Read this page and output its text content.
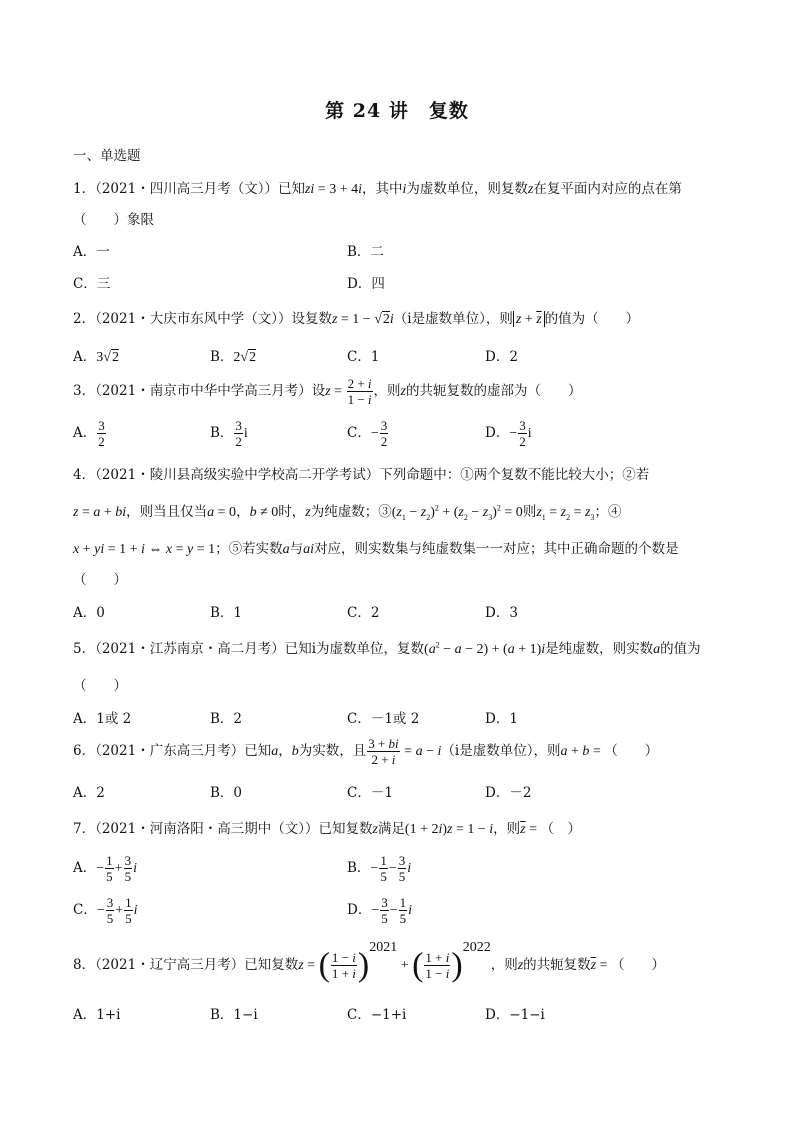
第 24 讲　复数
一、单选题
1．（2021・四川高三月考（文））已知zi = 3 + 4i，其中i为虚数单位，则复数z在复平面内对应的点在第
（　　）象限
A．一	B．二
C．三	D．四
2．（2021・大庆市东风中学（文））设复数z = 1 − √2i（i是虚数单位），则 $z + \overline{z}$ 的值为（　　）
A．3√2	B．2√2	C．1	D．2
3．（2021・南京市中华中学高三月考）设$z = \frac{2 + i}{1 - i}$ ，则z的共轭复数的虚部为（　　）
A． $\frac{3}{2}$	B． $\frac{3}{2}$ i	C．− $\frac{3}{2}$	D．− $\frac{3}{2}$ i
4．（2021・陵川县高级实验中学校高二开学考试）下列命题中：①两个复数不能比较大小；②若
z = a + bi，则当且仅当a = 0，b ≠ 0时，z为纯虚数；$③(z_1 - z_2)^2 + (z_2 - z_3)^2 = 0$则$z_1 = z_2 = z_3$；④
x + yi = 1 + i ⇔ x = y = 1；⑤若实数a与ai对应，则实数集与纯虚数集一一对应；其中正确命题的个数是
（　　）
A．0	B．1	C．2	D．3
5．（2021・江苏南京・高二月考）已知i为虚数单位，复数$(a^2 - a - 2) + (a + 1)i$是纯虚数，则实数a的值为
（　　）
A．1或 2	B．2	C．－1或 2	D．1
6．（2021・广东高三月考）已知a，b为实数，且 $\frac{3 + bi}{2 + i} = a - i(i$是虚数单位），则a + b = （　　）
A．2	B．0	C．－1	D．－2
7．（2021・河南洛阳・高三期中（文））已知复数z满足(1 + 2i)z = 1 − i，则$\overline{z}$ = （　）
A．− $\frac{1}{5} + \frac{3}{5}$ i	B．− $\frac{1}{5} - \frac{3}{5}$ i
C．− $\frac{3}{5} + \frac{1}{5}$ i	D．− $\frac{3}{5} - \frac{1}{5}$ i
8．（2021・辽宁高三月考）已知复数z = ( $\frac{1 - i}{1 + i} )^{2021}$ + ( $\frac{1 + i}{1 - i} )^{2022}$，则z的共轭复数$\overline{z}$ = （　　）
A．1+i	B．1−i	C．−1+i	D．−1−i
